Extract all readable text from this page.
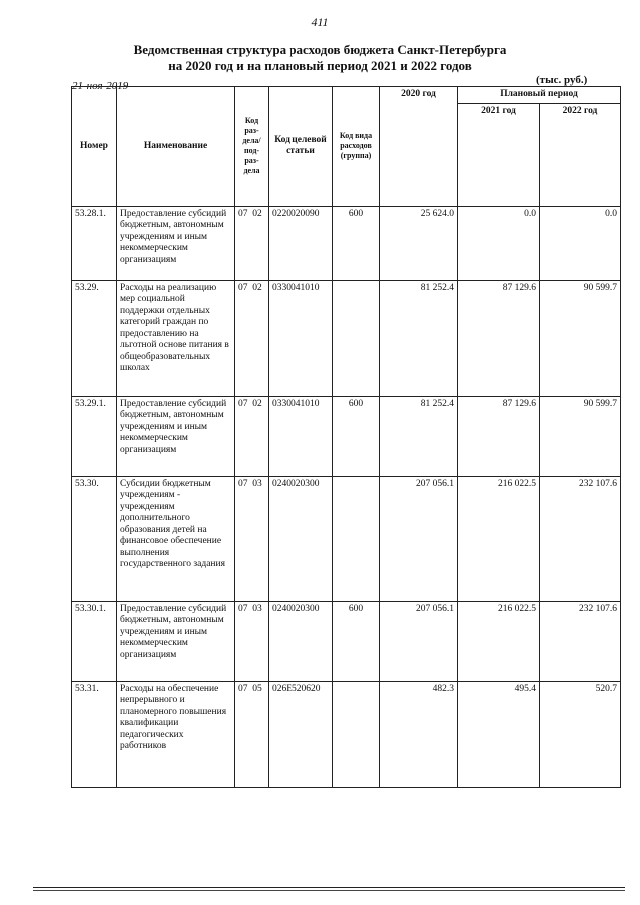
411
Ведомственная структура расходов бюджета Санкт-Петербурга
на 2020 год и на плановый период 2021 и 2022 годов
21-ноя-2019	(тыс. руб.)
Номер	Наименование	Код раз- дела/ под- раз- дела	Код целевой статьи	Код вида расходов (группа)	2020 год	Плановый период	
						2021 год	2022 год
53.28.1.	Предоставление субсидий бюджетным, автономным учреждениям и иным некоммерческим организациям	07 02	0220020090	600	25 624.0	0.0	0.0
53.29.	Расходы на реализацию мер социальной поддержки отдельных категорий граждан по предоставлению на льготной основе питания в общеобразовательных школах	07 02	0330041010		81 252.4	87 129.6	90 599.7
53.29.1.	Предоставление субсидий бюджетным, автономным учреждениям и иным некоммерческим организациям	07 02	0330041010	600	81 252.4	87 129.6	90 599.7
53.30.	Субсидии бюджетным учреждениям - учреждениям дополнительного образования детей на финансовое обеспечение выполнения государственного задания	07 03	0240020300		207 056.1	216 022.5	232 107.6
53.30.1.	Предоставление субсидий бюджетным, автономным учреждениям и иным некоммерческим организациям	07 03	0240020300	600	207 056.1	216 022.5	232 107.6
53.31.	Расходы на обеспечение непрерывного и планомерного повышения квалификации педагогических работников	07 05	026E520620		482.3	495.4	520.7
